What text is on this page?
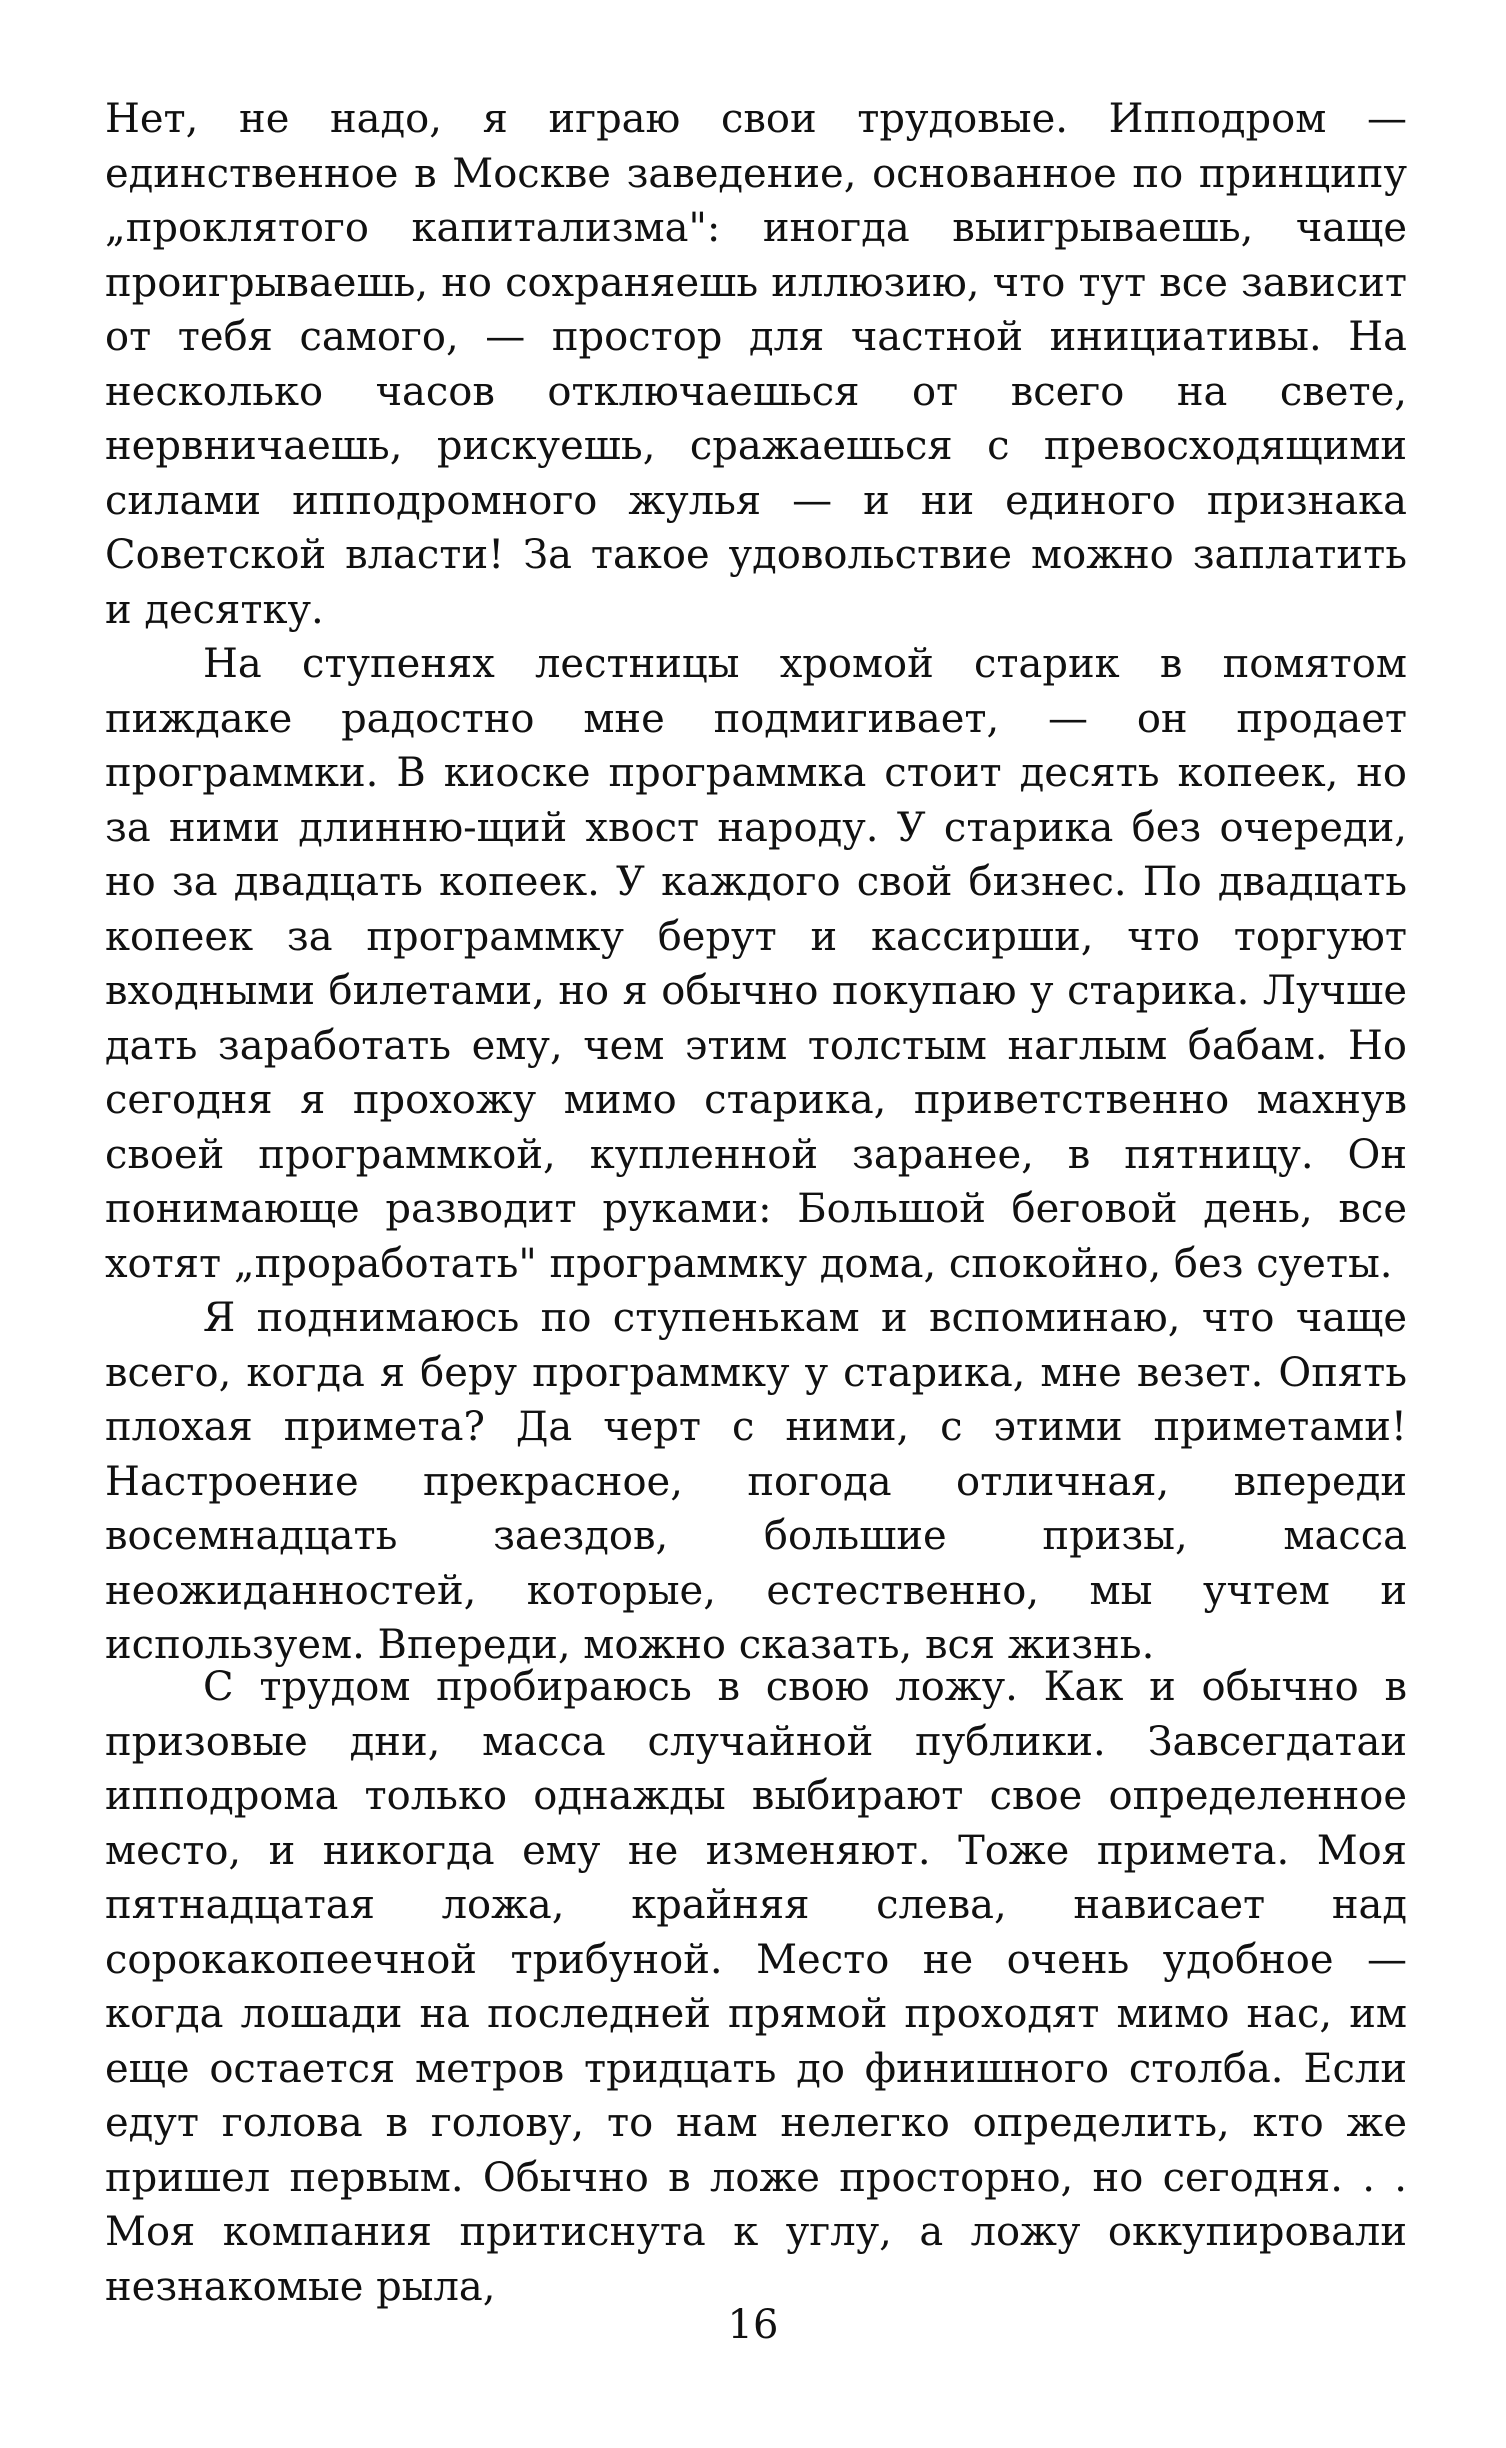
Нет, не надо, я играю свои трудовые. Ипподром — единственное в Москве заведение, основанное по принципу „проклятого капитализма": иногда выигрываешь, чаще проигрываешь, но сохраняешь иллюзию, что тут все зависит от тебя самого, — простор для частной инициативы. На несколько часов отключаешься от всего на свете, нервничаешь, рискуешь, сражаешься с превосходящими силами ипподромного жулья — и ни единого признака Советской власти! За такое удовольствие можно заплатить и десятку.

На ступенях лестницы хромой старик в помятом пиждаке радостно мне подмигивает, — он продает программки. В киоске программка стоит десять копеек, но за ними длинню-щий хвост народу. У старика без очереди, но за двадцать копеек. У каждого свой бизнес. По двадцать копеек за программку берут и кассирши, что торгуют входными билетами, но я обычно покупаю у старика. Лучше дать заработать ему, чем этим толстым наглым бабам. Но сегодня я прохожу мимо старика, приветственно махнув своей программкой, купленной заранее, в пятницу. Он понимающе разводит руками: Большой беговой день, все хотят „проработать" программку дома, спокойно, без суеты.

Я поднимаюсь по ступенькам и вспоминаю, что чаще всего, когда я беру программку у старика, мне везет. Опять плохая примета? Да черт с ними, с этими приметами! Настроение прекрасное, погода отличная, впереди восемнадцать заездов, большие призы, масса неожиданностей, которые, естественно, мы учтем и используем. Впереди, можно сказать, вся жизнь.

С трудом пробираюсь в свою ложу. Как и обычно в призовые дни, масса случайной публики. Завсегдатаи ипподрома только однажды выбирают свое определенное место, и никогда ему не изменяют. Тоже примета. Моя пятнадцатая ложа, крайняя слева, нависает над сорокакопеечной трибуной. Место не очень удобное — когда лошади на последней прямой проходят мимо нас, им еще остается метров тридцать до финишного столба. Если едут голова в голову, то нам нелегко определить, кто же пришел первым. Обычно в ложе просторно, но сегодня. . . Моя компания притиснута к углу, а ложу оккупировали незнакомые рыла,

16
